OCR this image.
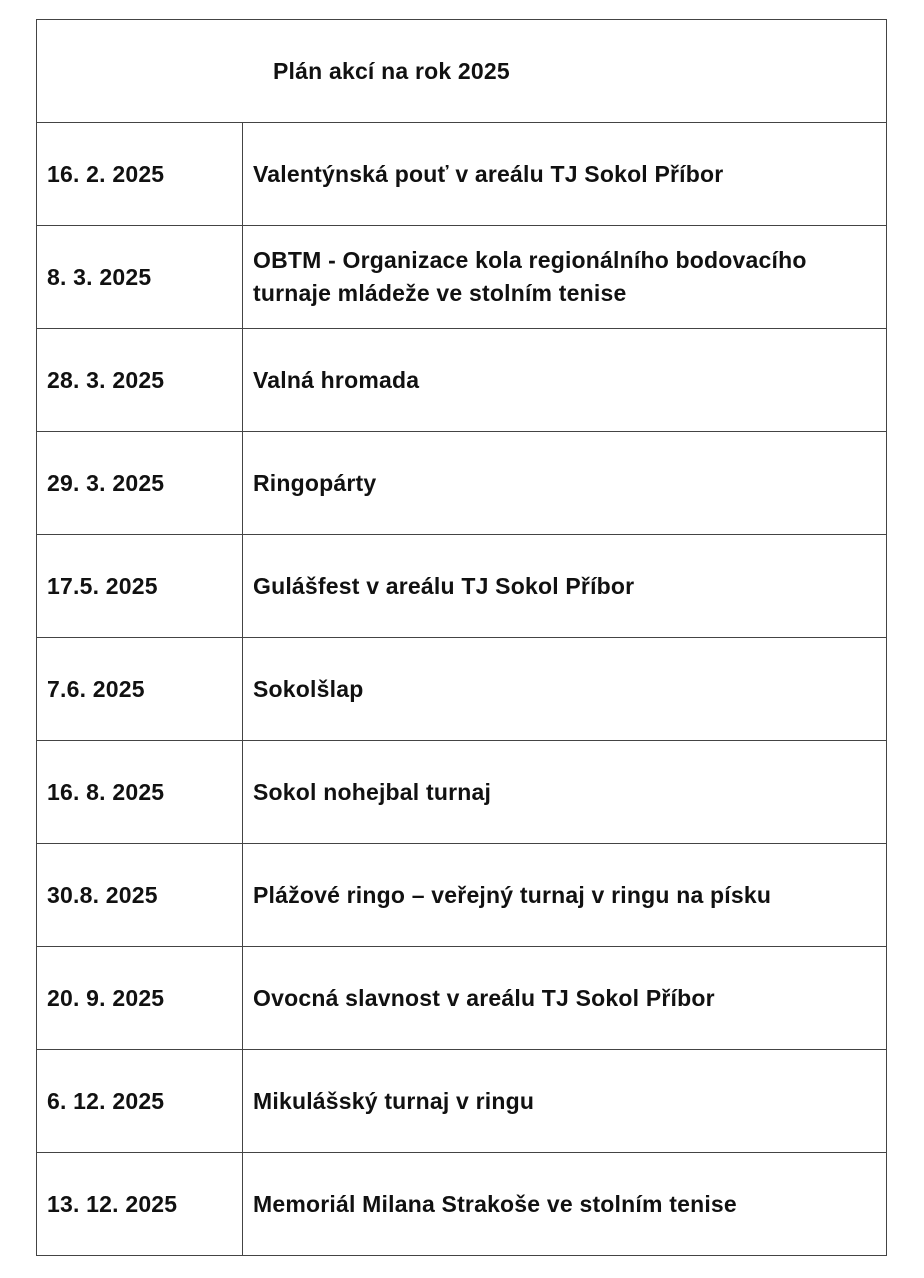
Plán akcí na rok 2025	
16. 2. 2025	Valentýnská pouť v areálu TJ Sokol Příbor
8. 3. 2025	OBTM - Organizace kola regionálního bodovacího turnaje mládeže ve stolním tenise
28. 3. 2025	Valná hromada
29. 3. 2025	Ringopárty
17.5. 2025	Gulášfest v areálu TJ Sokol Příbor
7.6. 2025	Sokolšlap
16. 8. 2025	Sokol nohejbal turnaj
30.8. 2025	Plážové ringo – veřejný turnaj v ringu na písku
20. 9. 2025	Ovocná slavnost v areálu TJ Sokol Příbor
6. 12. 2025	Mikulášský turnaj v ringu
13. 12. 2025	Memoriál Milana Strakoše ve stolním tenise
